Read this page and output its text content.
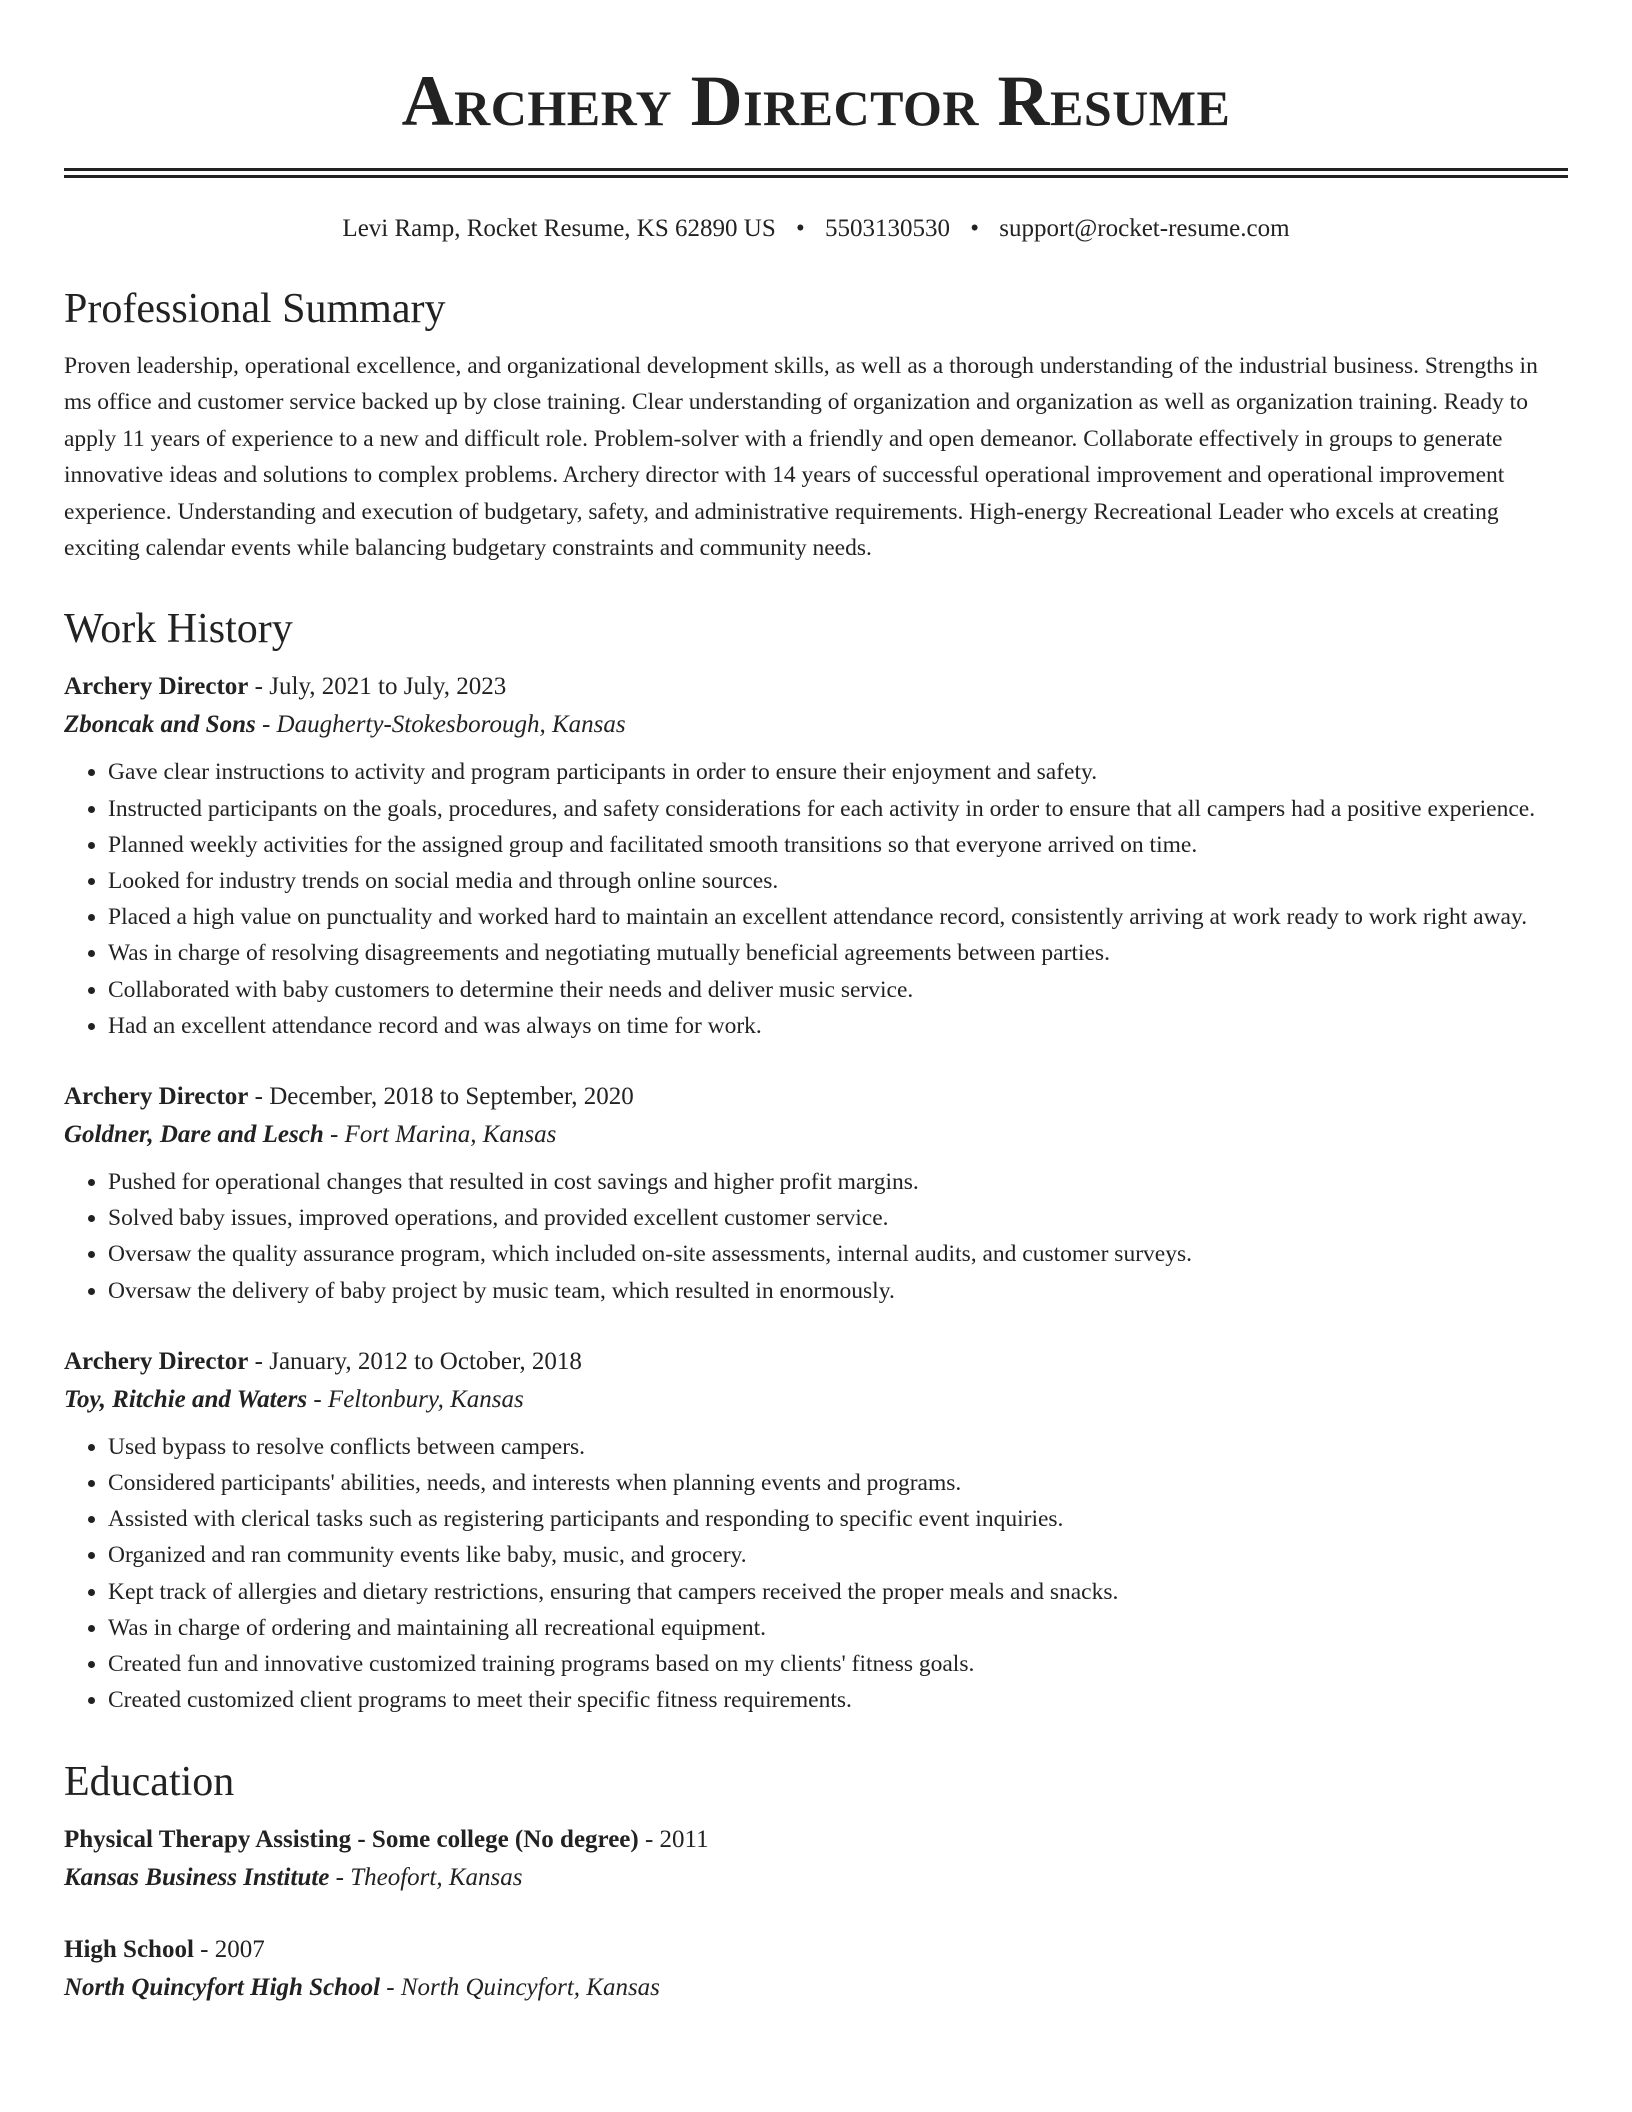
Archery Director Resume
Levi Ramp, Rocket Resume, KS 62890 US • 5503130530 • support@rocket-resume.com
Professional Summary

Proven leadership, operational excellence, and organizational development skills, as well as a thorough understanding of the industrial business. Strengths in ms office and customer service backed up by close training. Clear understanding of organization and organization as well as organization training. Ready to apply 11 years of experience to a new and difficult role. Problem-solver with a friendly and open demeanor. Collaborate effectively in groups to generate innovative ideas and solutions to complex problems. Archery director with 14 years of successful operational improvement and operational improvement experience. Understanding and execution of budgetary, safety, and administrative requirements. High-energy Recreational Leader who excels at creating exciting calendar events while balancing budgetary constraints and community needs.

Work History
Archery Director - July, 2021 to July, 2023
Zboncak and Sons - Daugherty-Stokesborough, Kansas
• Gave clear instructions to activity and program participants in order to ensure their enjoyment and safety.
• Instructed participants on the goals, procedures, and safety considerations for each activity in order to ensure that all campers had a positive experience.
• Planned weekly activities for the assigned group and facilitated smooth transitions so that everyone arrived on time.
• Looked for industry trends on social media and through online sources.
• Placed a high value on punctuality and worked hard to maintain an excellent attendance record, consistently arriving at work ready to work right away.
• Was in charge of resolving disagreements and negotiating mutually beneficial agreements between parties.
• Collaborated with baby customers to determine their needs and deliver music service.
• Had an excellent attendance record and was always on time for work.
Archery Director - December, 2018 to September, 2020
Goldner, Dare and Lesch - Fort Marina, Kansas
• Pushed for operational changes that resulted in cost savings and higher profit margins.
• Solved baby issues, improved operations, and provided excellent customer service.
• Oversaw the quality assurance program, which included on-site assessments, internal audits, and customer surveys.
• Oversaw the delivery of baby project by music team, which resulted in enormously.
Archery Director - January, 2012 to October, 2018
Toy, Ritchie and Waters - Feltonbury, Kansas
• Used bypass to resolve conflicts between campers.
• Considered participants' abilities, needs, and interests when planning events and programs.
• Assisted with clerical tasks such as registering participants and responding to specific event inquiries.
• Organized and ran community events like baby, music, and grocery.
• Kept track of allergies and dietary restrictions, ensuring that campers received the proper meals and snacks.
• Was in charge of ordering and maintaining all recreational equipment.
• Created fun and innovative customized training programs based on my clients' fitness goals.
• Created customized client programs to meet their specific fitness requirements.
Education
Physical Therapy Assisting - Some college (No degree) - 2011
Kansas Business Institute - Theofort, Kansas
High School - 2007
North Quincyfort High School - North Quincyfort, Kansas
